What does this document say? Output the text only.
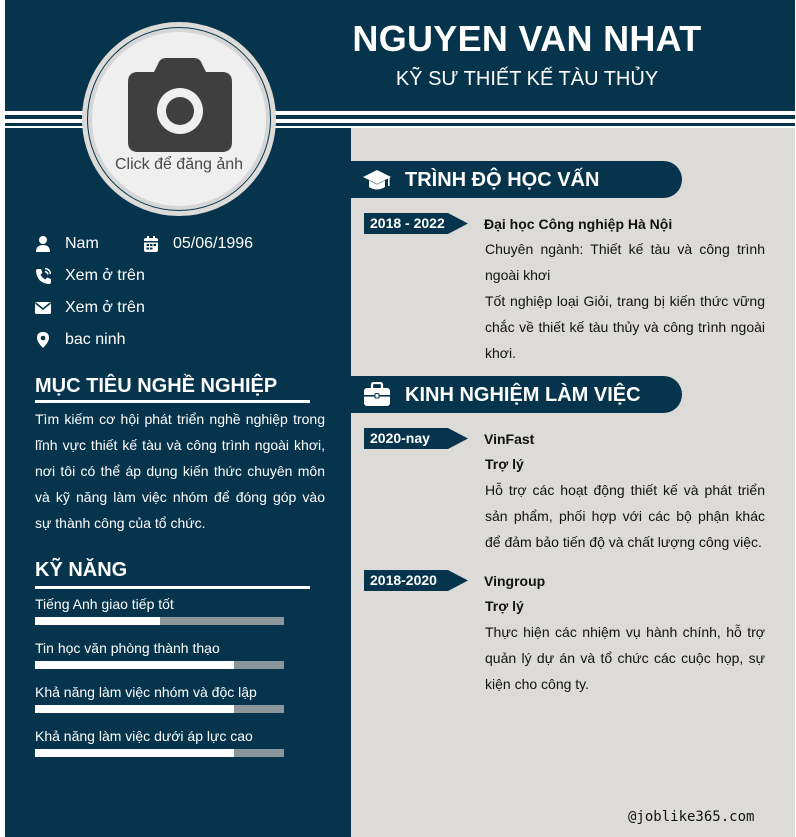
NGUYEN VAN NHAT
KỸ SƯ THIẾT KẾ TÀU THỦY
Click để đăng ảnh
Nam	05/06/1996
Xem ở trên
Xem ở trên
bac ninh
MỤC TIÊU NGHỀ NGHIỆP
Tìm kiếm cơ hội phát triển nghề nghiệp trong lĩnh vực thiết kế tàu và công trình ngoài khơi, nơi tôi có thể áp dụng kiến thức chuyên môn và kỹ năng làm việc nhóm để đóng góp vào sự thành công của tổ chức.
KỸ NĂNG
Tiếng Anh giao tiếp tốt
Tin học văn phòng thành thạo
Khả năng làm việc nhóm và độc lập
Khả năng làm việc dưới áp lực cao
TRÌNH ĐỘ HỌC VẤN
2018 - 2022	Đại học Công nghiệp Hà Nội
Chuyên ngành: Thiết kế tàu và công trình ngoài khơi
Tốt nghiệp loại Giỏi, trang bị kiến thức vững chắc về thiết kế tàu thủy và công trình ngoài khơi.
KINH NGHIỆM LÀM VIỆC
2020-nay	VinFast
Trợ lý
Hỗ trợ các hoạt động thiết kế và phát triển sản phẩm, phối hợp với các bộ phận khác để đảm bảo tiến độ và chất lượng công việc.
2018-2020	Vingroup
Trợ lý
Thực hiện các nhiệm vụ hành chính, hỗ trợ quản lý dự án và tổ chức các cuộc họp, sự kiện cho công ty.
@joblike365.com
